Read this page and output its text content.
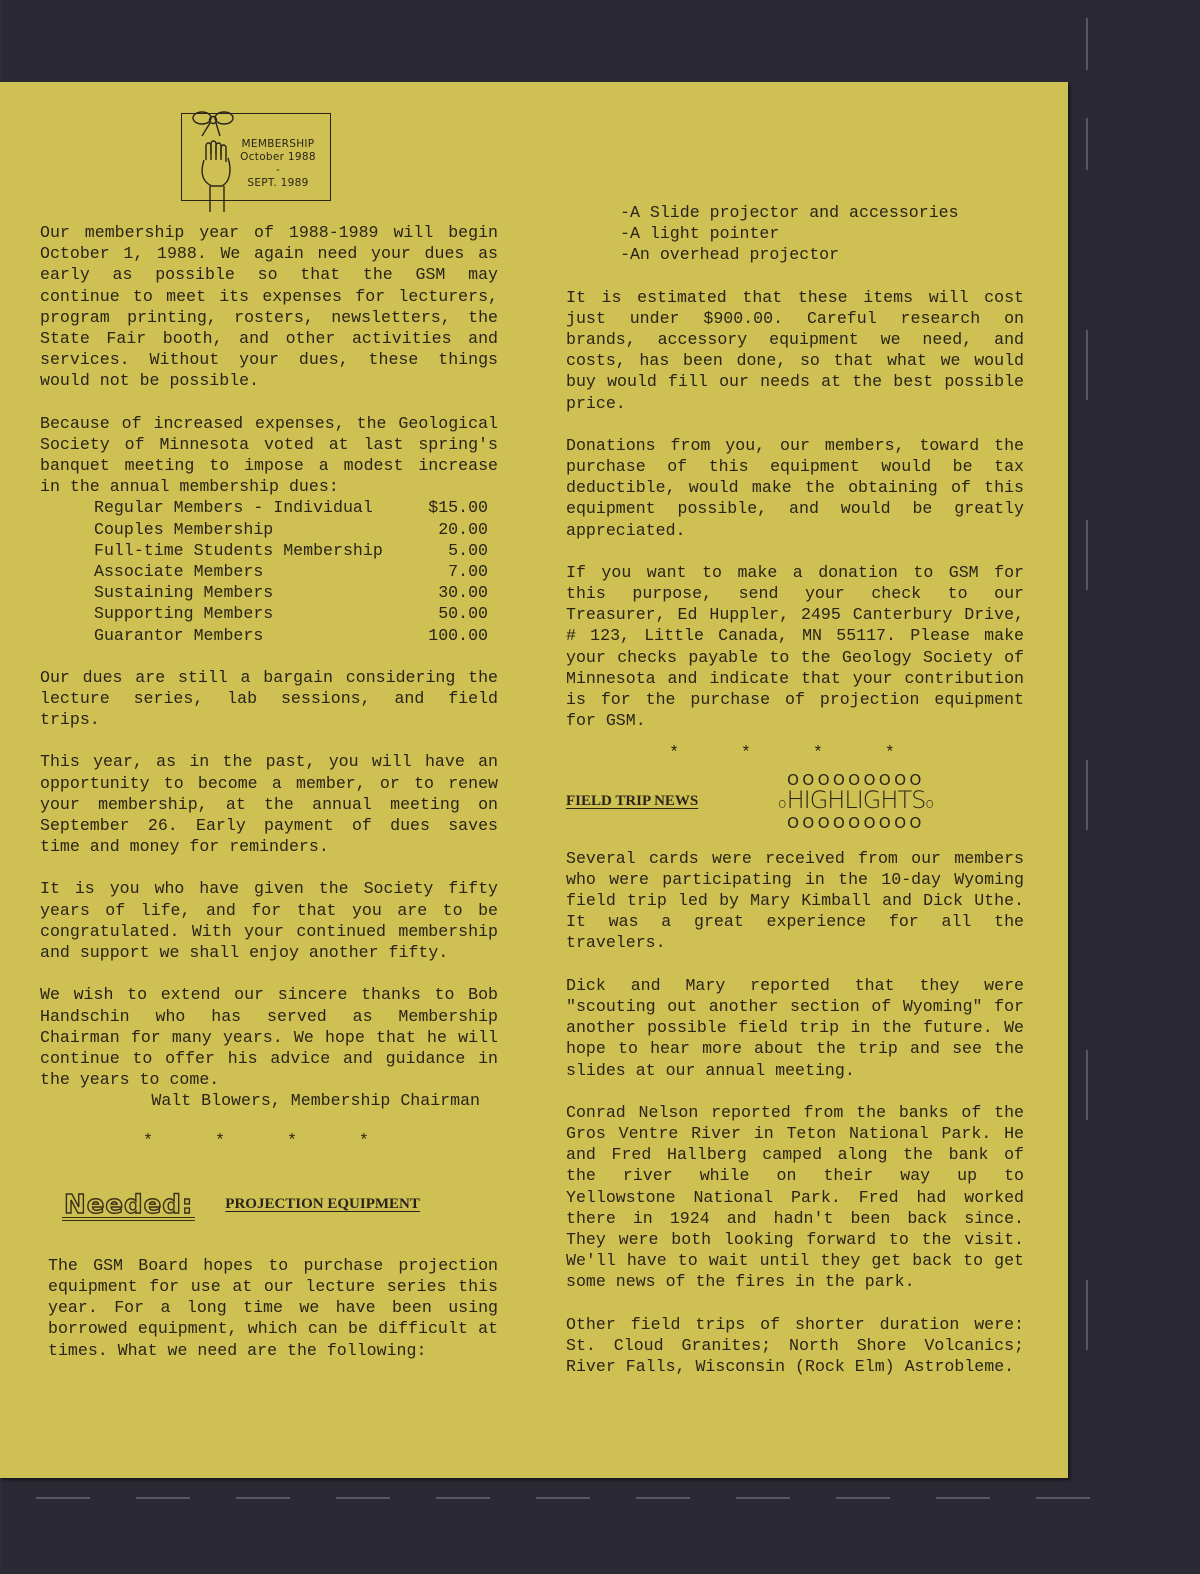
MEMBERSHIP
October 1988
-
SEPT. 1989

Our membership year of 1988-1989 will begin October 1, 1988. We again need your dues as early as possible so that the GSM may continue to meet its expenses for lecturers, program printing, rosters, newsletters, the State Fair booth, and other activities and services. Without your dues, these things would not be possible.

Because of increased expenses, the Geological Society of Minnesota voted at last spring's banquet meeting to impose a modest increase in the annual membership dues:

Regular Members - Individual	$15.00
Couples Membership	20.00
Full-time Students Membership	5.00
Associate Members	7.00
Sustaining Members	30.00
Supporting Members	50.00
Guarantor Members	100.00

Our dues are still a bargain considering the lecture series, lab sessions, and field trips.

This year, as in the past, you will have an opportunity to become a member, or to renew your membership, at the annual meeting on September 26. Early payment of dues saves time and money for reminders.

It is you who have given the Society fifty years of life, and for that you are to be congratulated. With your continued membership and support we shall enjoy another fifty.

We wish to extend our sincere thanks to Bob Handschin who has served as Membership Chairman for many years. We hope that he will continue to offer his advice and guidance in the years to come.

Walt Blowers, Membership Chairman
* * * *
Needed: PROJECTION EQUIPMENT

The GSM Board hopes to purchase projection equipment for use at our lecture series this year. For a long time we have been using borrowed equipment, which can be difficult at times. What we need are the following:

-A Slide projector and accessories
-A light pointer
-An overhead projector

It is estimated that these items will cost just under $900.00. Careful research on brands, accessory equipment we need, and costs, has been done, so that what we would buy would fill our needs at the best possible price.

Donations from you, our members, toward the purchase of this equipment would be tax deductible, would make the obtaining of this equipment possible, and would be greatly appreciated.

If you want to make a donation to GSM for this purpose, send your check to our Treasurer, Ed Huppler, 2495 Canterbury Drive, # 123, Little Canada, MN 55117. Please make your checks payable to the Geology Society of Minnesota and indicate that your contribution is for the purchase of projection equipment for GSM.

* * * *
FIELD TRIP NEWS
OOOOOOOOO
oHIGHLIGHTSo
OOOOOOOOO

Several cards were received from our members who were participating in the 10-day Wyoming field trip led by Mary Kimball and Dick Uthe. It was a great experience for all the travelers.

Dick and Mary reported that they were "scouting out another section of Wyoming" for another possible field trip in the future. We hope to hear more about the trip and see the slides at our annual meeting.

Conrad Nelson reported from the banks of the Gros Ventre River in Teton National Park. He and Fred Hallberg camped along the bank of the river while on their way up to Yellowstone National Park. Fred had worked there in 1924 and hadn't been back since. They were both looking forward to the visit. We'll have to wait until they get back to get some news of the fires in the park.

Other field trips of shorter duration were: St. Cloud Granites; North Shore Volcanics; River Falls, Wisconsin (Rock Elm) Astrobleme.
